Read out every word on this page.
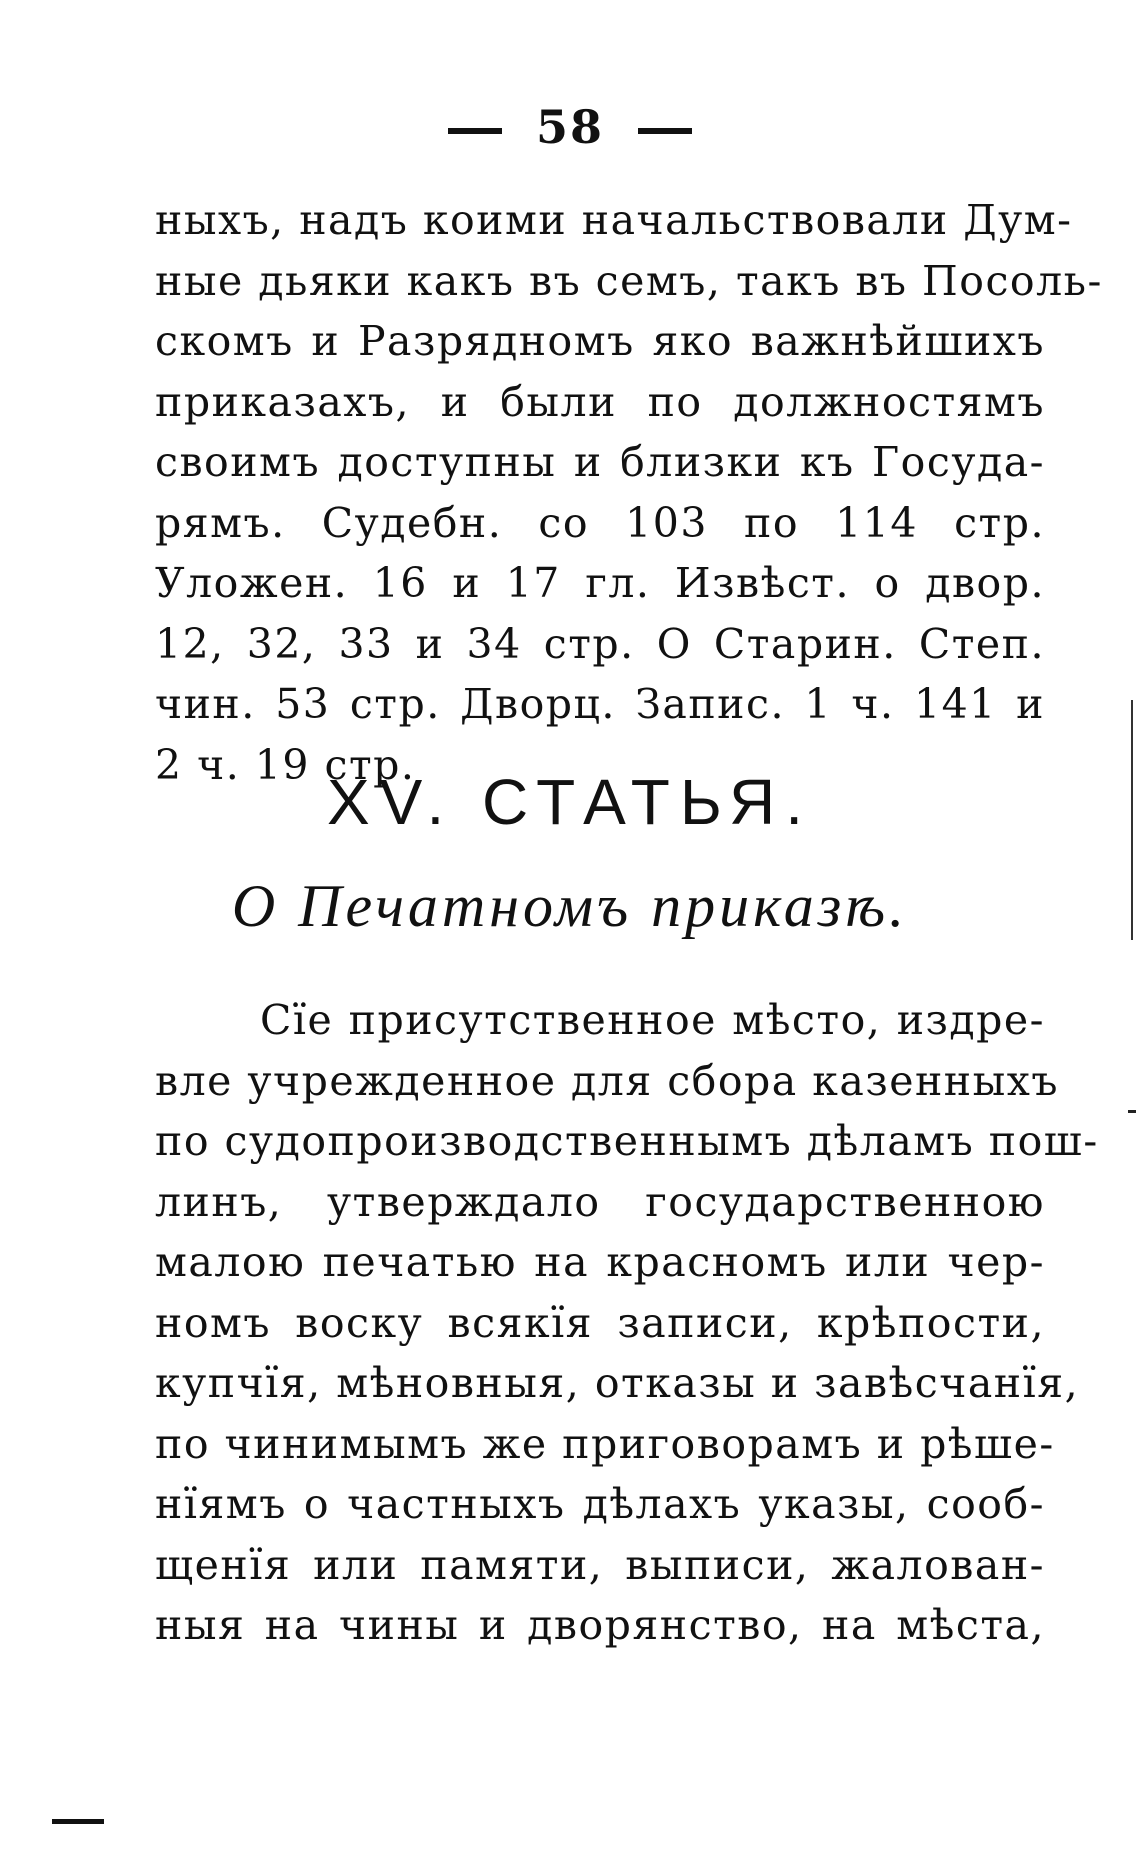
58
ныхъ, надъ коими начальствовали Дум-
ные дьяки какъ въ семъ, такъ въ Посоль-
скомъ и Разрядномъ яко важнѣйшихъ
приказахъ, и были по должностямъ
своимъ доступны и близки къ Госуда-
рямъ. Судебн. со 103 по 114 стр.
Уложен. 16 и 17 гл. Извѣст. о двор.
12, 32, 33 и 34 стр. О Старин. Степ.
чин. 53 стр. Дворц. Запис. 1 ч. 141 и
2 ч. 19 стр.
XV. СТАТЬЯ.
О Печатномъ приказѣ.
Сїе присутственное мѣсто, издре-
вле учрежденное для сбора казенныхъ
по судопроизводственнымъ дѣламъ пош-
линъ, утверждало государственною
малою печатью на красномъ или чер-
номъ воску всякїя записи, крѣпости,
купчїя, мѣновныя, отказы и завѣсчанїя,
по чинимымъ же приговорамъ и рѣше-
нїямъ о частныхъ дѣлахъ указы, сооб-
щенїя или памяти, выписи, жалован-
ныя на чины и дворянство, на мѣста,
